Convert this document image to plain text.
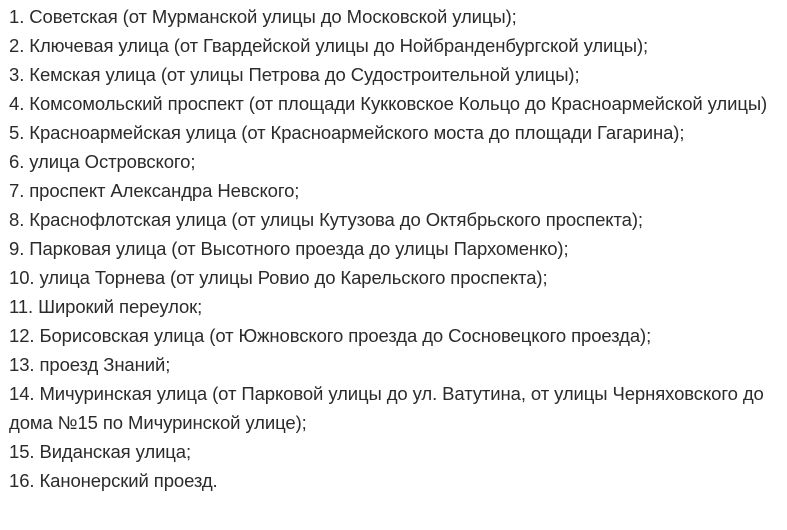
1. Советская (от Мурманской улицы до Московской улицы);
2. Ключевая улица (от Гвардейской улицы до Нойбранденбургской улицы);
3. Кемская улица (от улицы Петрова до Судостроительной улицы);
4. Комсомольский проспект (от площади Кукковское Кольцо до Красноармейской улицы)
5. Красноармейская улица (от Красноармейского моста до площади Гагарина);
6. улица Островского;
7. проспект Александра Невского;
8. Краснофлотская улица (от улицы Кутузова до Октябрьского проспекта);
9. Парковая улица (от Высотного проезда до улицы Пархоменко);
10. улица Торнева (от улицы Ровио до Карельского проспекта);
11. Широкий переулок;
12. Борисовская улица (от Южновского проезда до Сосновецкого проезда);
13. проезд Знаний;
14. Мичуринская улица (от Парковой улицы до ул. Ватутина, от улицы Черняховского до дома №15 по Мичуринской улице);
15. Виданская улица;
16. Канонерский проезд.
